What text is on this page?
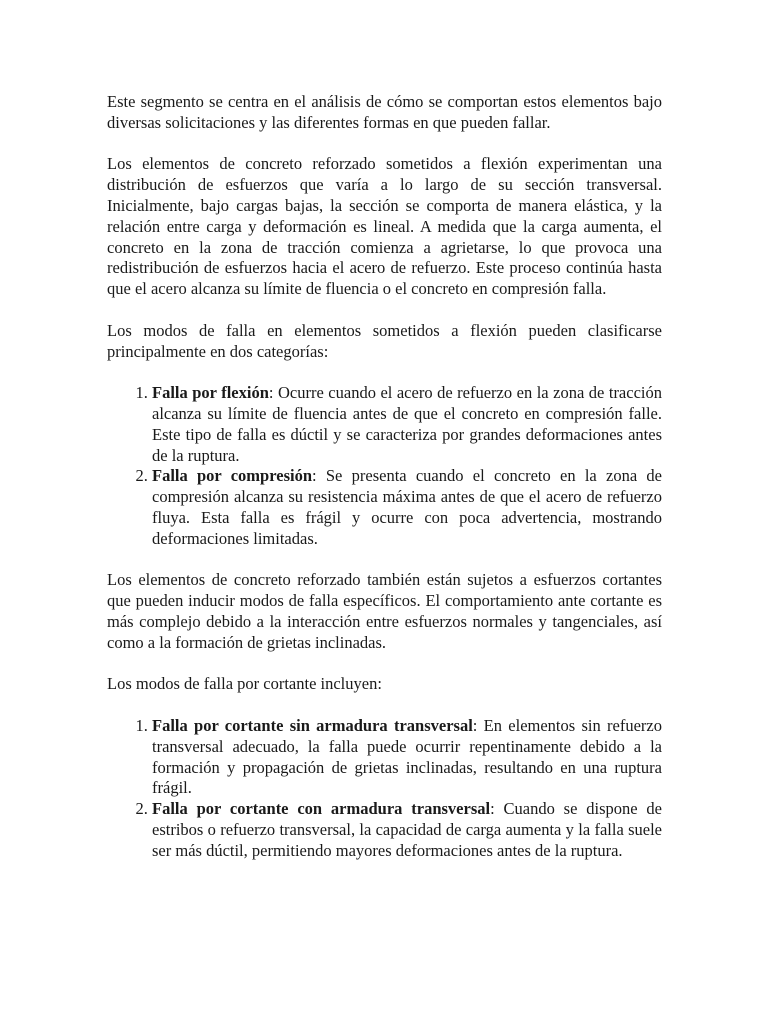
Este segmento se centra en el análisis de cómo se comportan estos elementos bajo diversas solicitaciones y las diferentes formas en que pueden fallar.

Los elementos de concreto reforzado sometidos a flexión experimentan una distribución de esfuerzos que varía a lo largo de su sección transversal. Inicialmente, bajo cargas bajas, la sección se comporta de manera elástica, y la relación entre carga y deformación es lineal. A medida que la carga aumenta, el concreto en la zona de tracción comienza a agrietarse, lo que provoca una redistribución de esfuerzos hacia el acero de refuerzo. Este proceso continúa hasta que el acero alcanza su límite de fluencia o el concreto en compresión falla.

Los modos de falla en elementos sometidos a flexión pueden clasificarse principalmente en dos categorías:

1. Falla por flexión: Ocurre cuando el acero de refuerzo en la zona de tracción alcanza su límite de fluencia antes de que el concreto en compresión falle. Este tipo de falla es dúctil y se caracteriza por grandes deformaciones antes de la ruptura.
2. Falla por compresión: Se presenta cuando el concreto en la zona de compresión alcanza su resistencia máxima antes de que el acero de refuerzo fluya. Esta falla es frágil y ocurre con poca advertencia, mostrando deformaciones limitadas.

Los elementos de concreto reforzado también están sujetos a esfuerzos cortantes que pueden inducir modos de falla específicos. El comportamiento ante cortante es más complejo debido a la interacción entre esfuerzos normales y tangenciales, así como a la formación de grietas inclinadas.

Los modos de falla por cortante incluyen:

1. Falla por cortante sin armadura transversal: En elementos sin refuerzo transversal adecuado, la falla puede ocurrir repentinamente debido a la formación y propagación de grietas inclinadas, resultando en una ruptura frágil.
2. Falla por cortante con armadura transversal: Cuando se dispone de estribos o refuerzo transversal, la capacidad de carga aumenta y la falla suele ser más dúctil, permitiendo mayores deformaciones antes de la ruptura.
